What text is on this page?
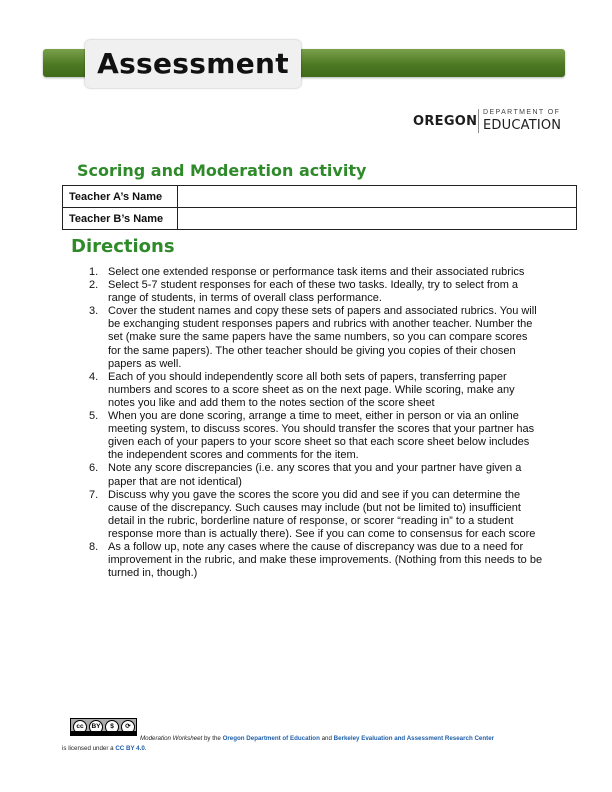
Assessment
OREGON
DEPARTMENT OF
EDUCATION
Scoring and Moderation activity
Teacher A’s Name	
Teacher B’s Name	
Directions
1. Select one extended response or performance task items and their associated rubrics
2. Select 5-7 student responses for each of these two tasks. Ideally, try to select from a range of students, in terms of overall class performance.
3. Cover the student names and copy these sets of papers and associated rubrics. You will be exchanging student responses papers and rubrics with another teacher. Number the set (make sure the same papers have the same numbers, so you can compare scores for the same papers). The other teacher should be giving you copies of their chosen papers as well.
4. Each of you should independently score all both sets of papers, transferring paper numbers and scores to a score sheet as on the next page. While scoring, make any notes you like and add them to the notes section of the score sheet
5. When you are done scoring, arrange a time to meet, either in person or via an online meeting system, to discuss scores. You should transfer the scores that your partner has given each of your papers to your score sheet so that each score sheet below includes the independent scores and comments for the item.
6. Note any score discrepancies (i.e. any scores that you and your partner have given a paper that are not identical)
7. Discuss why you gave the scores the score you did and see if you can determine the cause of the discrepancy. Such causes may include (but not be limited to) insufficient detail in the rubric, borderline nature of response, or scorer “reading in” to a student response more than is actually there). See if you can come to consensus for each score
8. As a follow up, note any cases where the cause of discrepancy was due to a need for improvement in the rubric, and make these improvements. (Nothing from this needs to be turned in, though.)
cc	BY	$	⟳
Moderation Worksheet by the Oregon Department of Education and Berkeley Evaluation and Assessment Research Center
is licensed under a CC BY 4.0.
